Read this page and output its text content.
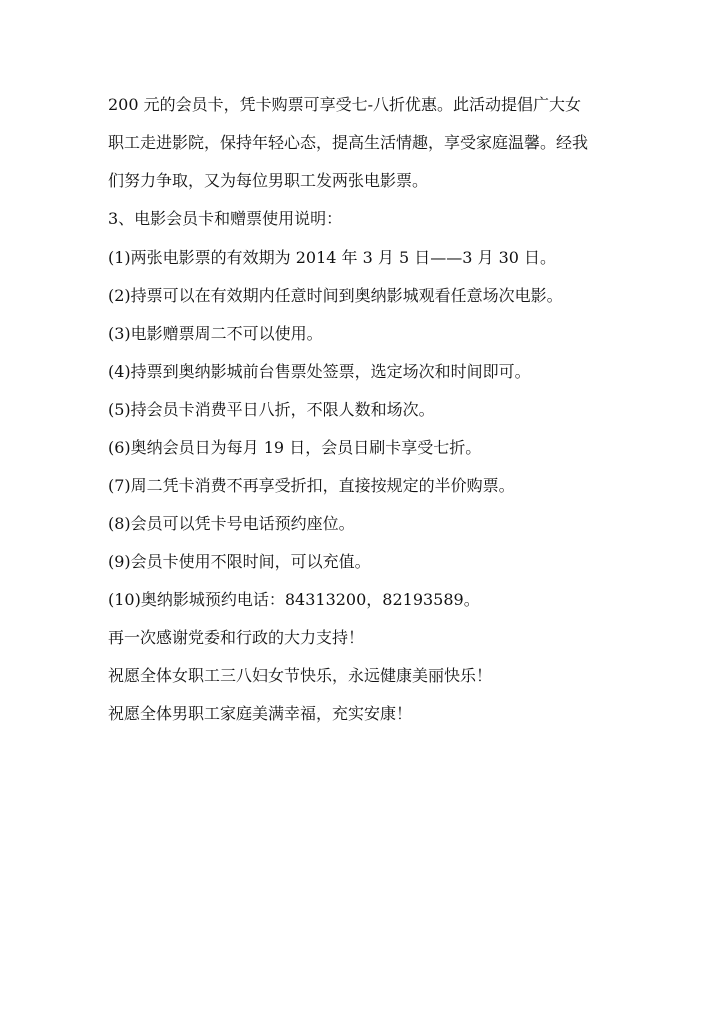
200 元的会员卡，凭卡购票可享受七-八折优惠。此活动提倡广大女
职工走进影院，保持年轻心态，提高生活情趣，享受家庭温馨。经我
们努力争取，又为每位男职工发两张电影票。
3、电影会员卡和赠票使用说明：
(1)两张电影票的有效期为 2014 年 3 月 5 日——3 月 30 日。
(2)持票可以在有效期内任意时间到奥纳影城观看任意场次电影。
(3)电影赠票周二不可以使用。
(4)持票到奥纳影城前台售票处签票，选定场次和时间即可。
(5)持会员卡消费平日八折，不限人数和场次。
(6)奥纳会员日为每月 19 日，会员日刷卡享受七折。
(7)周二凭卡消费不再享受折扣，直接按规定的半价购票。
(8)会员可以凭卡号电话预约座位。
(9)会员卡使用不限时间，可以充值。
(10)奥纳影城预约电话：84313200，82193589。
再一次感谢党委和行政的大力支持！
祝愿全体女职工三八妇女节快乐，永远健康美丽快乐！
祝愿全体男职工家庭美满幸福，充实安康！
